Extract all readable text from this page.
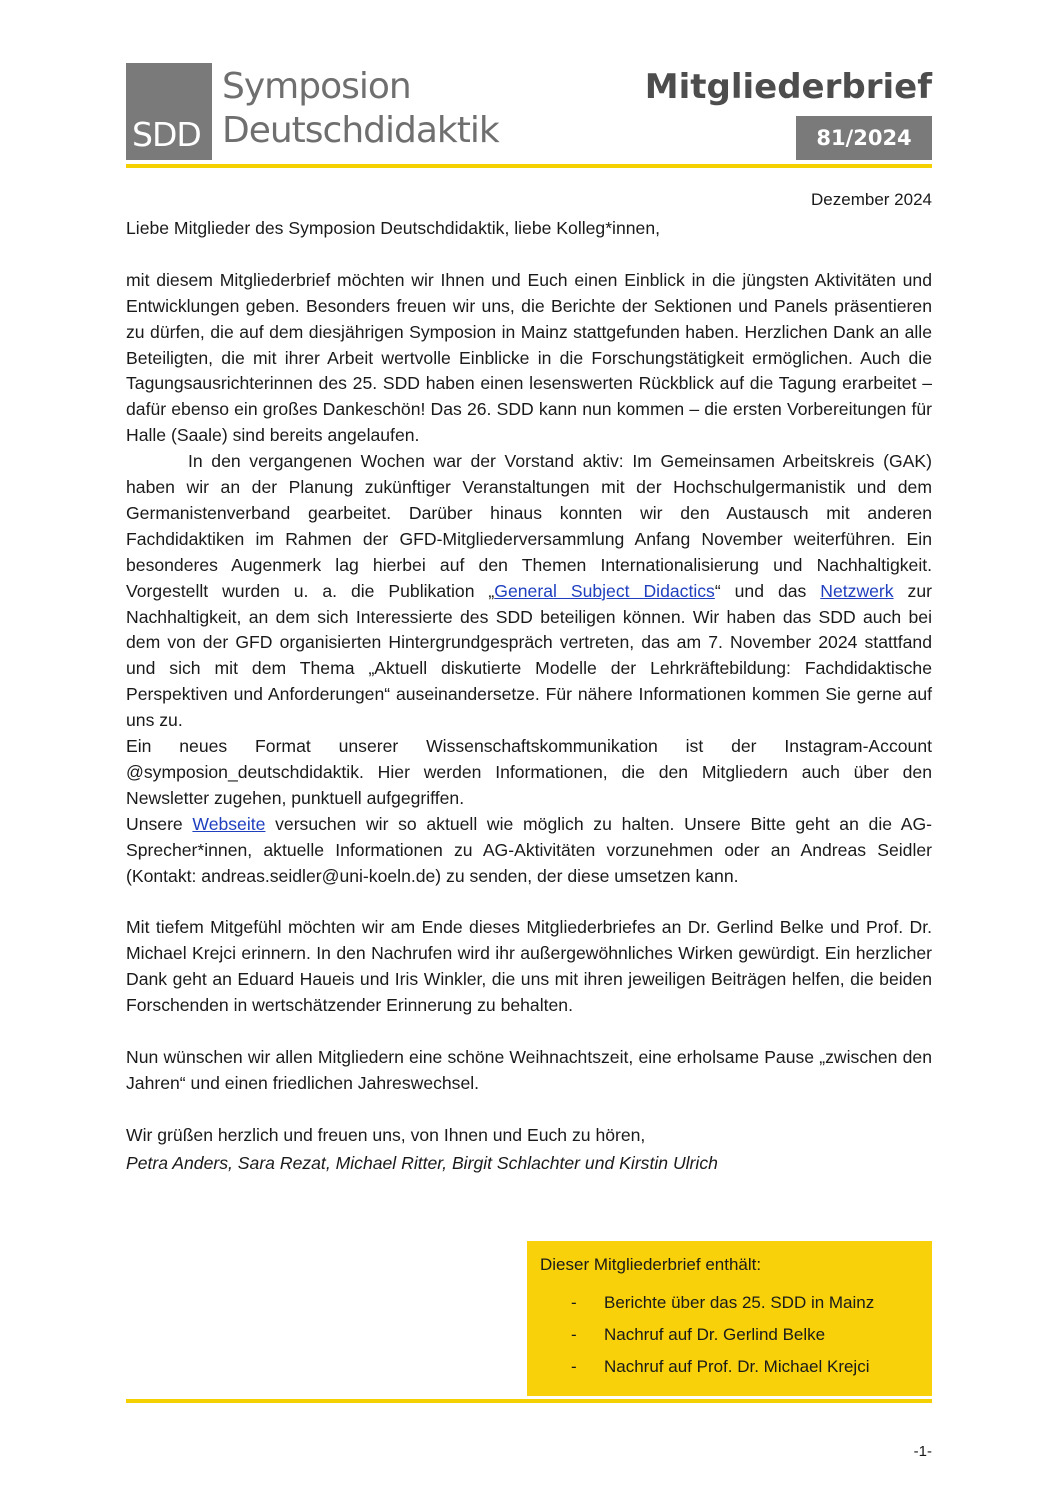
SDD
Symposion
Deutschdidaktik
Mitgliederbrief
81/2024
Dezember 2024

Liebe Mitglieder des Symposion Deutschdidaktik, liebe Kolleg*innen,

mit diesem Mitgliederbrief möchten wir Ihnen und Euch einen Einblick in die jüngsten Aktivitäten und Entwicklungen geben. Besonders freuen wir uns, die Berichte der Sektionen und Panels präsentieren zu dürfen, die auf dem diesjährigen Symposion in Mainz stattgefunden haben. Herzlichen Dank an alle Beteiligten, die mit ihrer Arbeit wertvolle Einblicke in die Forschungstätigkeit ermöglichen. Auch die Tagungsausrichterinnen des 25. SDD haben einen lesenswerten Rückblick auf die Tagung erarbeitet – dafür ebenso ein großes Dankeschön! Das 26. SDD kann nun kommen – die ersten Vorbereitungen für Halle (Saale) sind bereits angelaufen.

In den vergangenen Wochen war der Vorstand aktiv: Im Gemeinsamen Arbeitskreis (GAK) haben wir an der Planung zukünftiger Veranstaltungen mit der Hochschulgermanistik und dem Germanistenverband gearbeitet. Darüber hinaus konnten wir den Austausch mit anderen Fachdidaktiken im Rahmen der GFD-Mitgliederversammlung Anfang November weiterführen. Ein besonderes Augenmerk lag hierbei auf den Themen Internationalisierung und Nachhaltigkeit. Vorgestellt wurden u. a. die Publikation „General Subject Didactics“ und das Netzwerk zur Nachhaltigkeit, an dem sich Interessierte des SDD beteiligen können. Wir haben das SDD auch bei dem von der GFD organisierten Hintergrundgespräch vertreten, das am 7. November 2024 stattfand und sich mit dem Thema „Aktuell diskutierte Modelle der Lehrkräftebildung: Fachdidaktische Perspektiven und Anforderungen“ auseinandersetze. Für nähere Informationen kommen Sie gerne auf uns zu.

Ein neues Format unserer Wissenschaftskommunikation ist der Instagram-Account @symposion_deutschdidaktik. Hier werden Informationen, die den Mitgliedern auch über den Newsletter zugehen, punktuell aufgegriffen.

Unsere Webseite versuchen wir so aktuell wie möglich zu halten. Unsere Bitte geht an die AG-Sprecher*innen, aktuelle Informationen zu AG-Aktivitäten vorzunehmen oder an Andreas Seidler (Kontakt: andreas.seidler@uni-koeln.de) zu senden, der diese umsetzen kann.

Mit tiefem Mitgefühl möchten wir am Ende dieses Mitgliederbriefes an Dr. Gerlind Belke und Prof. Dr. Michael Krejci erinnern. In den Nachrufen wird ihr außergewöhnliches Wirken gewürdigt. Ein herzlicher Dank geht an Eduard Haueis und Iris Winkler, die uns mit ihren jeweiligen Beiträgen helfen, die beiden Forschenden in wertschätzender Erinnerung zu behalten.

Nun wünschen wir allen Mitgliedern eine schöne Weihnachtszeit, eine erholsame Pause „zwischen den Jahren“ und einen friedlichen Jahreswechsel.

Wir grüßen herzlich und freuen uns, von Ihnen und Euch zu hören,

Petra Anders, Sara Rezat, Michael Ritter, Birgit Schlachter und Kirstin Ulrich

Dieser Mitgliederbrief enthält:
- Berichte über das 25. SDD in Mainz
- Nachruf auf Dr. Gerlind Belke
- Nachruf auf Prof. Dr. Michael Krejci
-1-
